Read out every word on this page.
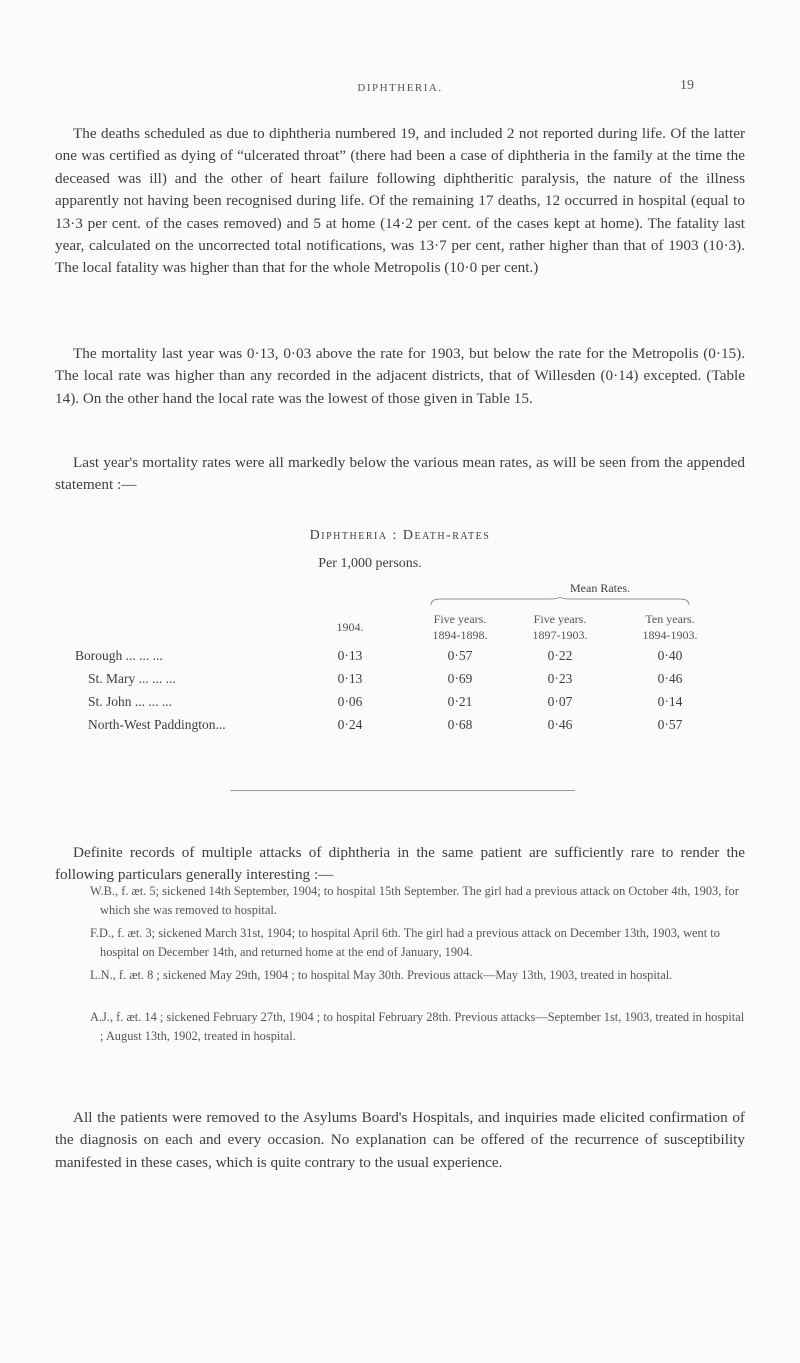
DIPHTHERIA.	19

The deaths scheduled as due to diphtheria numbered 19, and included 2 not reported during life. Of the latter one was certified as dying of “ulcerated throat” (there had been a case of diphtheria in the family at the time the deceased was ill) and the other of heart failure following diphtheritic paralysis, the nature of the illness apparently not having been recognised during life. Of the remaining 17 deaths, 12 occurred in hospital (equal to 13·3 per cent. of the cases removed) and 5 at home (14·2 per cent. of the cases kept at home). The fatality last year, calculated on the uncorrected total notifications, was 13·7 per cent, rather higher than that of 1903 (10·3). The local fatality was higher than that for the whole Metropolis (10·0 per cent.)

The mortality last year was 0·13, 0·03 above the rate for 1903, but below the rate for the Metropolis (0·15). The local rate was higher than any recorded in the adjacent districts, that of Willesden (0·14) excepted. (Table 14). On the other hand the local rate was the lowest of those given in Table 15.

Last year's mortality rates were all markedly below the various mean rates, as will be seen from the appended statement :—

Diphtheria : Death-rates
Per 1,000 persons.
Mean Rates.
1904.
Five years.
1894-1898.
Five years.
1897-1903.
Ten years.
1894-1903.
Borough ... ... ...	0·13	0·57	0·22	0·40
St. Mary ... ... ...	0·13	0·69	0·23	0·46
St. John ... ... ...	0·06	0·21	0·07	0·14
North-West Paddington...	0·24	0·68	0·46	0·57

Definite records of multiple attacks of diphtheria in the same patient are sufficiently rare to render the following particulars generally interesting :—

W.B., f. æt. 5; sickened 14th September, 1904; to hospital 15th September. The girl had a previous attack on October 4th, 1903, for which she was removed to hospital.

F.D., f. æt. 3; sickened March 31st, 1904; to hospital April 6th. The girl had a previous attack on December 13th, 1903, went to hospital on December 14th, and returned home at the end of January, 1904.

L.N., f. æt. 8 ; sickened May 29th, 1904 ; to hospital May 30th. Previous attack—May 13th, 1903, treated in hospital.

A.J., f. æt. 14 ; sickened February 27th, 1904 ; to hospital February 28th. Previous attacks—September 1st, 1903, treated in hospital ; August 13th, 1902, treated in hospital.

All the patients were removed to the Asylums Board's Hospitals, and inquiries made elicited confirmation of the diagnosis on each and every occasion. No explanation can be offered of the recurrence of susceptibility manifested in these cases, which is quite contrary to the usual experience.
